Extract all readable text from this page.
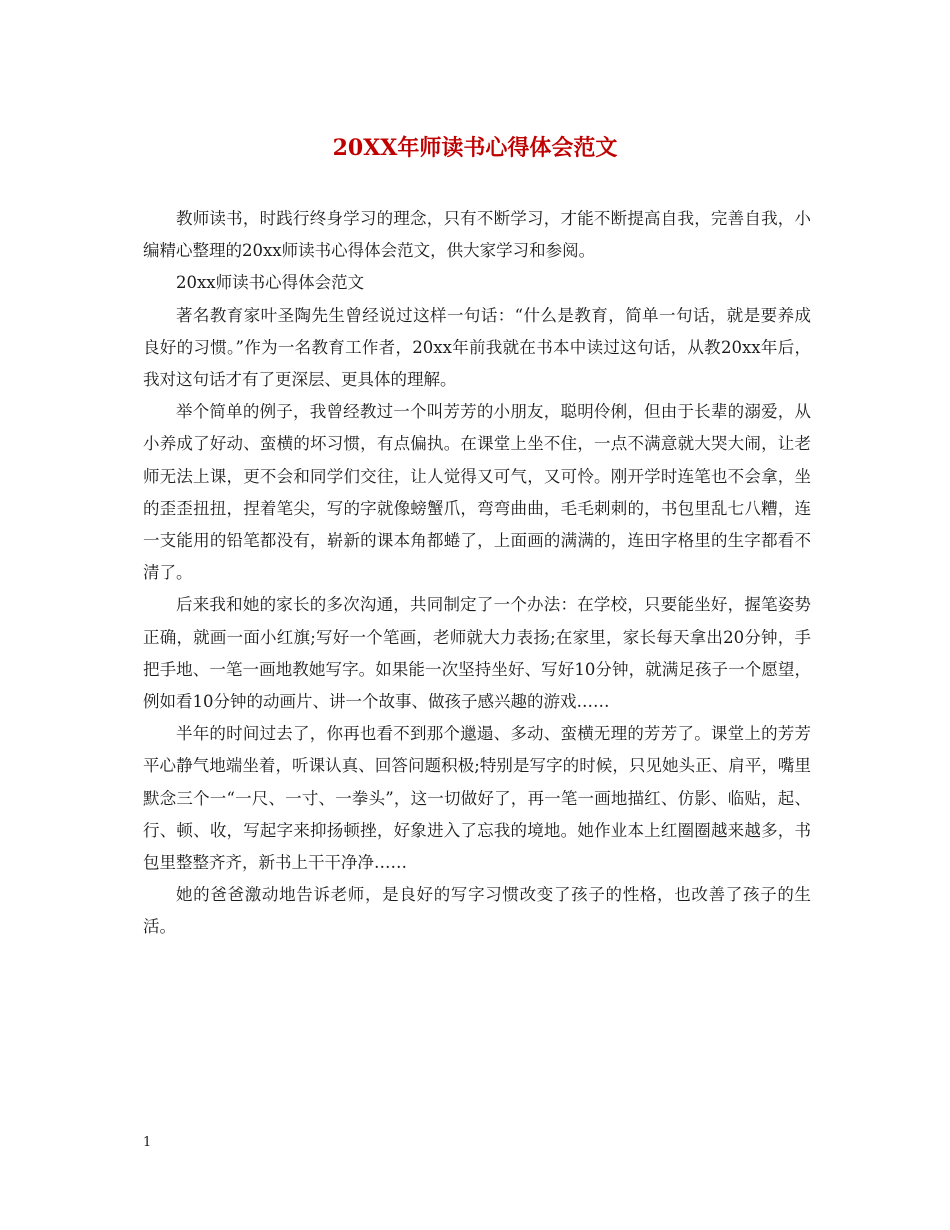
20XX年师读书心得体会范文

教师读书，时践行终身学习的理念，只有不断学习，才能不断提高自我，完善自我，小编精心整理的20xx师读书心得体会范文，供大家学习和参阅。

20xx师读书心得体会范文

著名教育家叶圣陶先生曾经说过这样一句话：“什么是教育，简单一句话，就是要养成良好的习惯。”作为一名教育工作者，20xx年前我就在书本中读过这句话，从教20xx年后，我对这句话才有了更深层、更具体的理解。

举个简单的例子，我曾经教过一个叫芳芳的小朋友，聪明伶俐，但由于长辈的溺爱，从小养成了好动、蛮横的坏习惯，有点偏执。在课堂上坐不住，一点不满意就大哭大闹，让老师无法上课，更不会和同学们交往，让人觉得又可气，又可怜。刚开学时连笔也不会拿，坐的歪歪扭扭，捏着笔尖，写的字就像螃蟹爪，弯弯曲曲，毛毛刺刺的，书包里乱七八糟，连一支能用的铅笔都没有，崭新的课本角都蜷了，上面画的满满的，连田字格里的生字都看不清了。

后来我和她的家长的多次沟通，共同制定了一个办法：在学校，只要能坐好，握笔姿势正确，就画一面小红旗;写好一个笔画，老师就大力表扬;在家里，家长每天拿出20分钟，手把手地、一笔一画地教她写字。如果能一次坚持坐好、写好10分钟，就满足孩子一个愿望，例如看10分钟的动画片、讲一个故事、做孩子感兴趣的游戏……

半年的时间过去了，你再也看不到那个邋遢、多动、蛮横无理的芳芳了。课堂上的芳芳平心静气地端坐着，听课认真、回答问题积极;特别是写字的时候，只见她头正、肩平，嘴里默念三个一“一尺、一寸、一拳头”，这一切做好了，再一笔一画地描红、仿影、临贴，起、行、顿、收，写起字来抑扬顿挫，好象进入了忘我的境地。她作业本上红圈圈越来越多，书包里整整齐齐，新书上干干净净……

她的爸爸激动地告诉老师，是良好的写字习惯改变了孩子的性格，也改善了孩子的生活。

1
